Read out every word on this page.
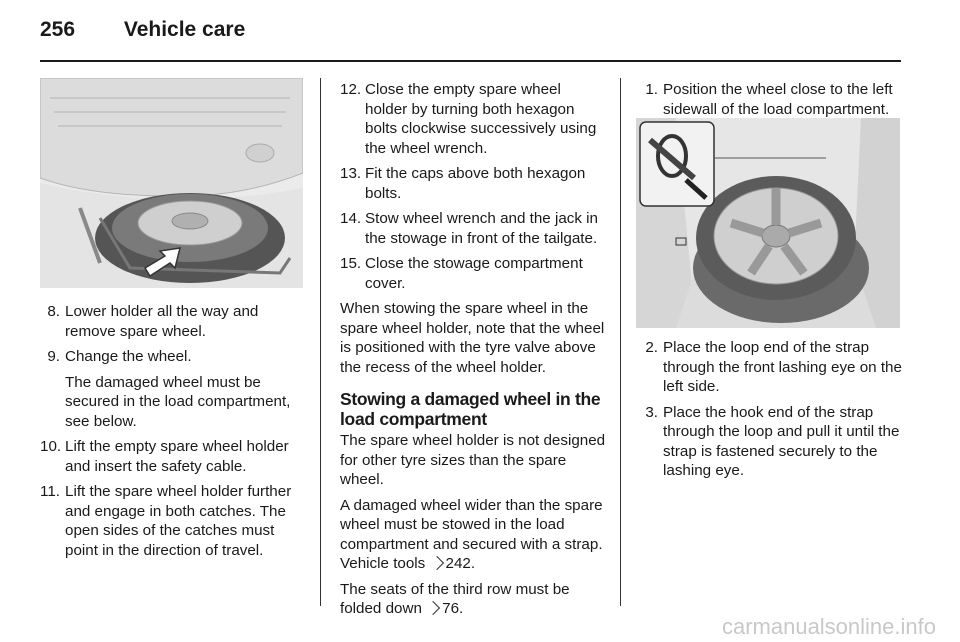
256 Vehicle care
8. Lower holder all the way and remove spare wheel.
9. Change the wheel.
The damaged wheel must be secured in the load compartment, see below.
10. Lift the empty spare wheel holder and insert the safety cable.
11. Lift the spare wheel holder further and engage in both catches. The open sides of the catches must point in the direction of travel.
12. Close the empty spare wheel holder by turning both hexagon bolts clockwise successively using the wheel wrench.
13. Fit the caps above both hexagon bolts.
14. Stow wheel wrench and the jack in the stowage in front of the tailgate.
15. Close the stowage compartment cover.

When stowing the spare wheel in the spare wheel holder, note that the wheel is positioned with the tyre valve above the recess of the wheel holder.

Stowing a damaged wheel in the load compartment

The spare wheel holder is not designed for other tyre sizes than the spare wheel.

A damaged wheel wider than the spare wheel must be stowed in the load compartment and secured with a strap. Vehicle tools 242.

The seats of the third row must be folded down 76.

1. Position the wheel close to the left sidewall of the load compartment.
2. Place the loop end of the strap through the front lashing eye on the left side.
3. Place the hook end of the strap through the loop and pull it until the strap is fastened securely to the lashing eye.
carmanualsonline.info
